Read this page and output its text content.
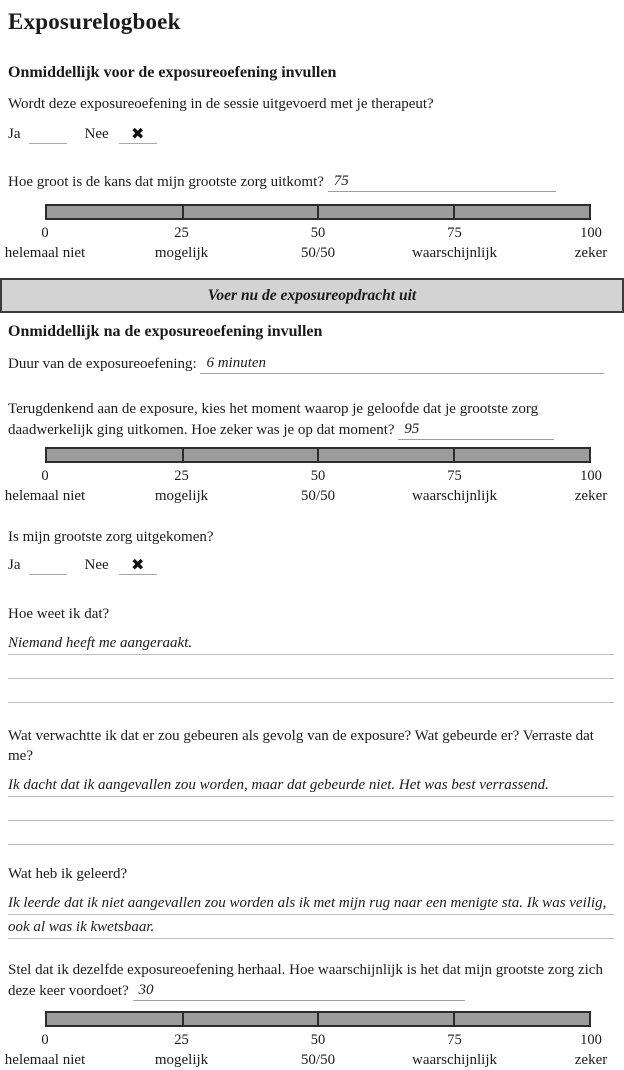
Exposurelogboek
Onmiddellijk voor de exposureoefening invullen

Wordt deze exposureoefening in de sessie uitgevoerd met je therapeut?

Ja	Nee ✖

Hoe groot is de kans dat mijn grootste zorg uitkomt? 75

0	25	50	75	100
helemaal niet	mogelijk	50/50	waarschijnlijk	zeker
Voer nu de exposureopdracht uit
Onmiddellijk na de exposureoefening invullen

Duur van de exposureoefening: 6 minuten

Terugdenkend aan de exposure, kies het moment waarop je geloofde dat je grootste zorg daadwerkelijk ging uitkomen. Hoe zeker was je op dat moment? 95

0	25	50	75	100
helemaal niet	mogelijk	50/50	waarschijnlijk	zeker

Is mijn grootste zorg uitgekomen?

Ja	Nee ✖

Hoe weet ik dat?

Niemand heeft me aangeraakt.

Wat verwachtte ik dat er zou gebeuren als gevolg van de exposure? Wat gebeurde er? Verraste dat me?

Ik dacht dat ik aangevallen zou worden, maar dat gebeurde niet. Het was best verrassend.

Wat heb ik geleerd?

Ik leerde dat ik niet aangevallen zou worden als ik met mijn rug naar een menigte sta. Ik was veilig, ook al was ik kwetsbaar.

Stel dat ik dezelfde exposureoefening herhaal. Hoe waarschijnlijk is het dat mijn grootste zorg zich deze keer voordoet? 30

0	25	50	75	100
helemaal niet	mogelijk	50/50	waarschijnlijk	zeker
